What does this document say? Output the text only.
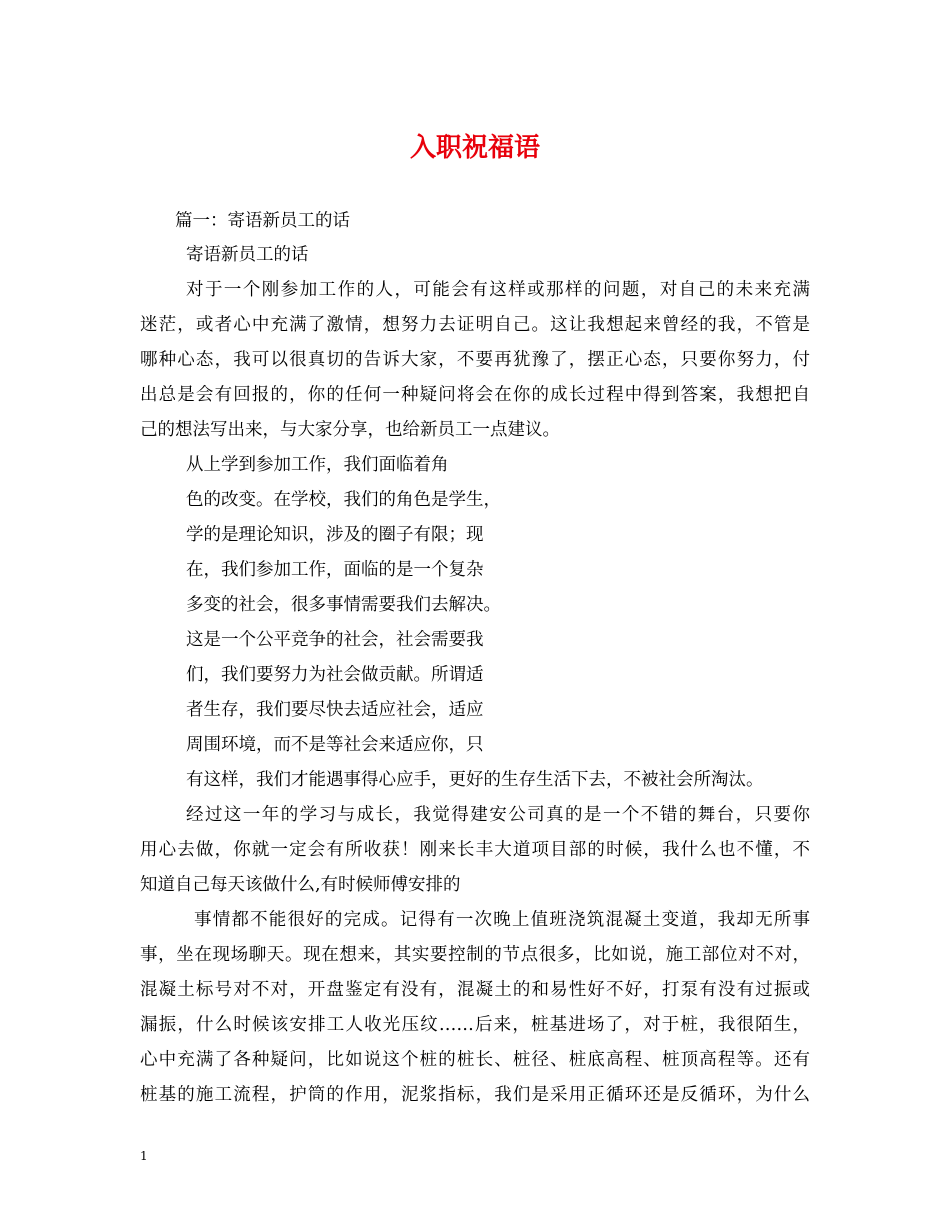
入职祝福语
篇一：寄语新员工的话
寄语新员工的话
对于一个刚参加工作的人，可能会有这样或那样的问题，对自己的未来充满
迷茫，或者心中充满了激情，想努力去证明自己。这让我想起来曾经的我，不管是
哪种心态，我可以很真切的告诉大家，不要再犹豫了，摆正心态，只要你努力，付
出总是会有回报的，你的任何一种疑问将会在你的成长过程中得到答案，我想把自
己的想法写出来，与大家分享，也给新员工一点建议。
从上学到参加工作，我们面临着角
色的改变。在学校，我们的角色是学生，
学的是理论知识，涉及的圈子有限；现
在，我们参加工作，面临的是一个复杂
多变的社会，很多事情需要我们去解决。
这是一个公平竞争的社会，社会需要我
们，我们要努力为社会做贡献。所谓适
者生存，我们要尽快去适应社会，适应
周围环境，而不是等社会来适应你，只
有这样，我们才能遇事得心应手，更好的生存生活下去，不被社会所淘汰。
经过这一年的学习与成长，我觉得建安公司真的是一个不错的舞台，只要你
用心去做，你就一定会有所收获！刚来长丰大道项目部的时候，我什么也不懂，不
知道自己每天该做什么,有时候师傅安排的
事情都不能很好的完成。记得有一次晚上值班浇筑混凝土变道，我却无所事
事，坐在现场聊天。现在想来，其实要控制的节点很多，比如说，施工部位对不对，
混凝土标号对不对，开盘鉴定有没有，混凝土的和易性好不好，打泵有没有过振或
漏振，什么时候该安排工人收光压纹……后来，桩基进场了，对于桩，我很陌生，
心中充满了各种疑问，比如说这个桩的桩长、桩径、桩底高程、桩顶高程等。还有
桩基的施工流程，护筒的作用，泥浆指标，我们是采用正循环还是反循环，为什么
1
